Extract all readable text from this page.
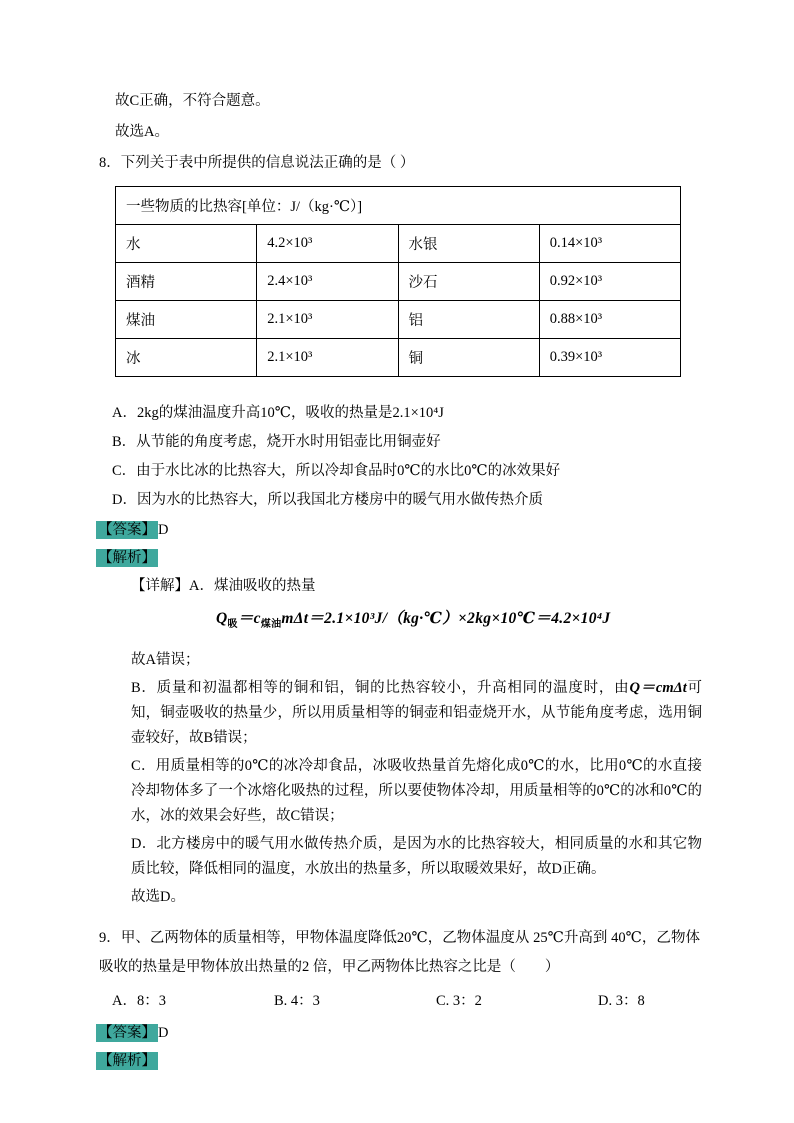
故C正确，不符合题意。

故选A。

8．下列关于表中所提供的信息说法正确的是（ ）

一些物质的比热容[单位：J/（kg·℃）]			
水	4.2×10³	水银	0.14×10³
酒精	2.4×10³	沙石	0.92×10³
煤油	2.1×10³	铝	0.88×10³
冰	2.1×10³	铜	0.39×10³

A．2kg的煤油温度升高10℃，吸收的热量是2.1×10⁴J

B．从节能的角度考虑，烧开水时用铝壶比用铜壶好

C．由于水比冰的比热容大，所以冷却食品时0℃的水比0℃的冰效果好

D．因为水的比热容大，所以我国北方楼房中的暖气用水做传热介质

【答案】 D

【解析】

【详解】A．煤油吸收的热量

$Q_吸=c_{煤油}m\Delta t=2.1\times 10^3J/(kg\cdot℃)\times 2kg\times 10℃=4.2\times 10^4J$

故A错误；

B．质量和初温都相等的铜和铝，铜的比热容较小，升高相同的温度时，由Q＝cmΔt可知，铜壶吸收的热量少，所以用质量相等的铜壶和铝壶烧开水，从节能角度考虑，选用铜壶较好，故B错误；

C．用质量相等的0℃的冰冷却食品，冰吸收热量首先熔化成0℃的水，比用0℃的水直接冷却物体多了一个冰熔化吸热的过程，所以要使物体冷却，用质量相等的0℃的冰和0℃的水，冰的效果会好些，故C错误；

D．北方楼房中的暖气用水做传热介质，是因为水的比热容较大，相同质量的水和其它物质比较，降低相同的温度，水放出的热量多，所以取暖效果好，故D正确。

故选D。

9．甲、乙两物体的质量相等，甲物体温度降低20℃，乙物体温度从 25℃升高到 40℃，乙物体吸收的热量是甲物体放出热量的2 倍，甲乙两物体比热容之比是（　　）

A．8：3	B. 4：3	C. 3：2	D. 3：8

【答案】 D

【解析】
